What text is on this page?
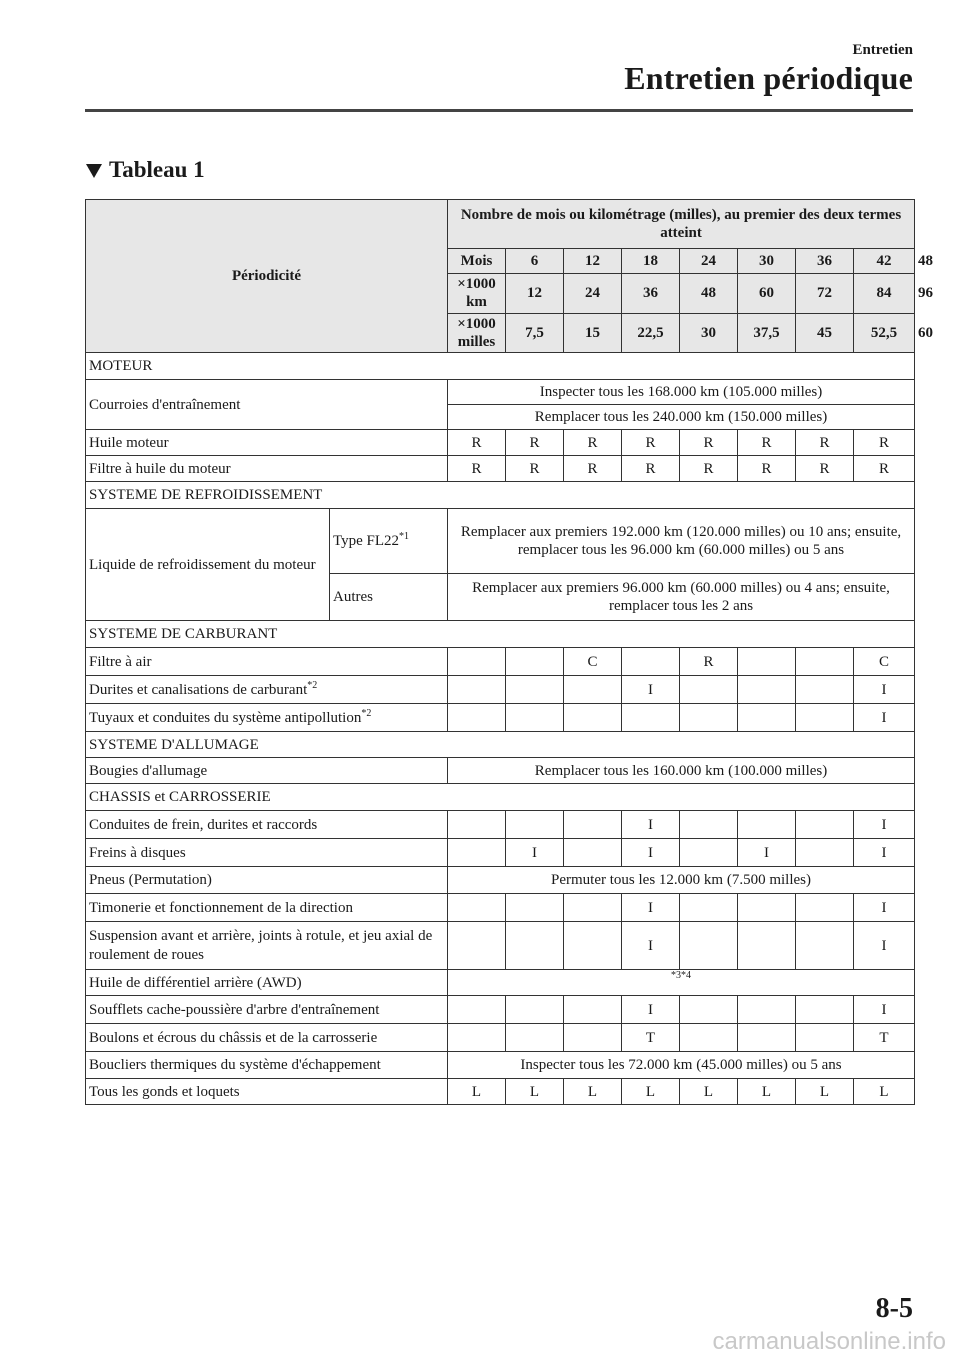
Entretien
Entretien périodique
Tableau 1
Périodicité		Nombre de mois ou kilométrage (milles), au premier des deux termes atteint								
		Mois	6	12	18	24	30	36	42	48
		×1000 km	12	24	36	48	60	72	84	96
		×1000 milles	7,5	15	22,5	30	37,5	45	52,5	60
MOTEUR										
Courroies d'entraînement		Inspecter tous les 168.000 km (105.000 milles)								
		Remplacer tous les 240.000 km (150.000 milles)								
Huile moteur		R	R	R	R	R	R	R	R	
Filtre à huile du moteur		R	R	R	R	R	R	R	R	
SYSTEME DE REFROIDISSEMENT										
Liquide de refroidissement du moteur	Type FL22$^{*1}$	Remplacer aux premiers 192.000 km (120.000 milles) ou 10 ans; ensuite, remplacer tous les 96.000 km (60.000 milles) ou 5 ans								
	Autres	Remplacer aux premiers 96.000 km (60.000 milles) ou 4 ans; ensuite, remplacer tous les 2 ans								
SYSTEME DE CARBURANT										
Filtre à air				C		R			C	
Durites et canalisations de carburant$^{*2}$					I				I	
Tuyaux et conduites du système antipollution$^{*2}$									I	
SYSTEME D'ALLUMAGE										
Bougies d'allumage		Remplacer tous les 160.000 km (100.000 milles)								
CHASSIS et CARROSSERIE										
Conduites de frein, durites et raccords					I				I	
Freins à disques			I		I		I		I	
Pneus (Permutation)		Permuter tous les 12.000 km (7.500 milles)								
Timonerie et fonctionnement de la direction					I				I	
Suspension avant et arrière, joints à rotule, et jeu axial de roulement de roues					I				I	
Huile de différentiel arrière (AWD)		$^{*3*4}$
Soufflets cache-poussière d'arbre d'entraînement					I				I	
Boulons et écrous du châssis et de la carrosserie					T				T	
Boucliers thermiques du système d'échappement		Inspecter tous les 72.000 km (45.000 milles) ou 5 ans								
Tous les gonds et loquets		L	L	L	L	L	L	L	L	
8-5
carmanualsonline.info
